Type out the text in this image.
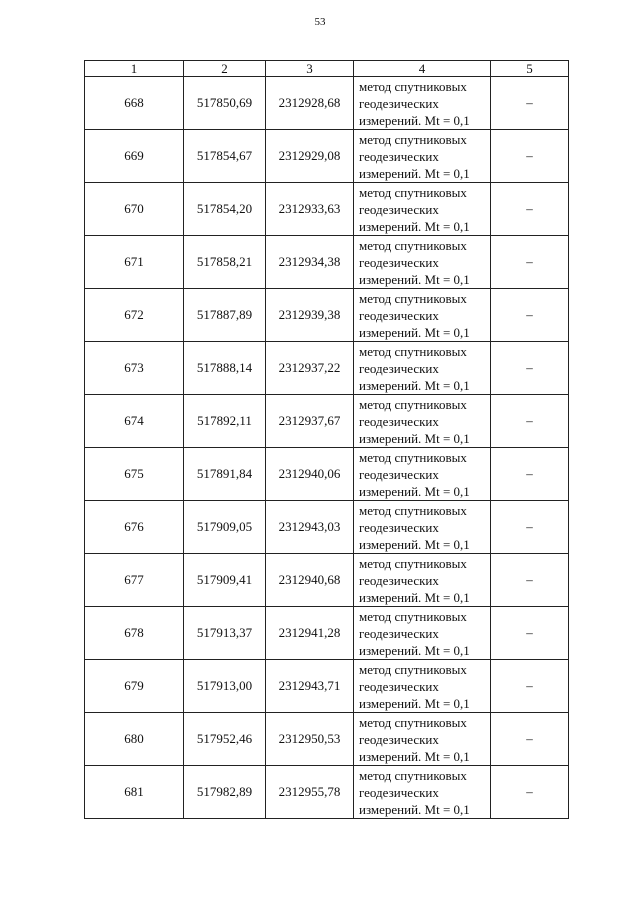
53
1	2	3	4	5
668	517850,69	2312928,68	метод спутниковых
геодезических
измерений. Mt = 0,1	–
669	517854,67	2312929,08	метод спутниковых
геодезических
измерений. Mt = 0,1	–
670	517854,20	2312933,63	метод спутниковых
геодезических
измерений. Mt = 0,1	–
671	517858,21	2312934,38	метод спутниковых
геодезических
измерений. Mt = 0,1	–
672	517887,89	2312939,38	метод спутниковых
геодезических
измерений. Mt = 0,1	–
673	517888,14	2312937,22	метод спутниковых
геодезических
измерений. Mt = 0,1	–
674	517892,11	2312937,67	метод спутниковых
геодезических
измерений. Mt = 0,1	–
675	517891,84	2312940,06	метод спутниковых
геодезических
измерений. Mt = 0,1	–
676	517909,05	2312943,03	метод спутниковых
геодезических
измерений. Mt = 0,1	–
677	517909,41	2312940,68	метод спутниковых
геодезических
измерений. Mt = 0,1	–
678	517913,37	2312941,28	метод спутниковых
геодезических
измерений. Mt = 0,1	–
679	517913,00	2312943,71	метод спутниковых
геодезических
измерений. Mt = 0,1	–
680	517952,46	2312950,53	метод спутниковых
геодезических
измерений. Mt = 0,1	–
681	517982,89	2312955,78	метод спутниковых
геодезических
измерений. Mt = 0,1	–
